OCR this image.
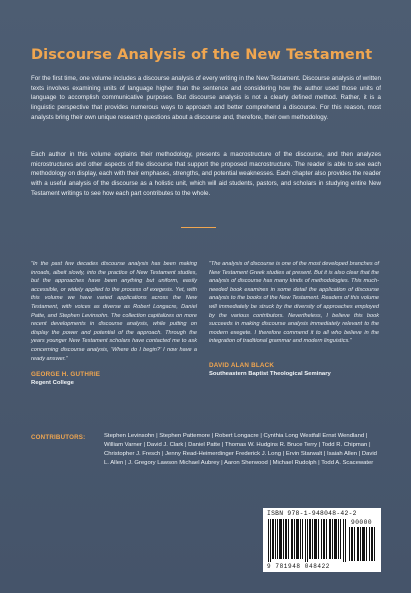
Discourse Analysis of the New Testament
For the first time, one volume includes a discourse analysis of every writing in the New Testament. Discourse analysis of written texts involves examining units of language higher than the sentence and considering how the author used those units of language to accomplish communicative purposes. But discourse analysis is not a clearly defined method. Rather, it is a linguistic perspective that provides numerous ways to approach and better comprehend a discourse. For this reason, most analysts bring their own unique research questions about a discourse and, therefore, their own methodology.
Each author in this volume explains their methodology, presents a macrostructure of the discourse, and then analyzes microstructures and other aspects of the discourse that support the proposed macrostructure. The reader is able to see each methodology on display, each with their emphases, strengths, and potential weaknesses. Each chapter also provides the reader with a useful analysis of the discourse as a holistic unit, which will aid students, pastors, and scholars in studying entire New Testament writings to see how each part contributes to the whole.
“In the past few decades discourse analysis has been making inroads, albeit slowly, into the practice of New Testament studies, but the approaches have been anything but uniform, easily accessible, or widely applied to the process of exegesis. Yet, with this volume we have varied applications across the New Testament, with voices as diverse as Robert Longacre, Daniel Patte, and Stephen Levinsohn. The collection capitalizes on more recent developments in discourse analysis, while putting on display the power and potential of the approach. Through the years younger New Testament scholars have contacted me to ask concerning discourse analysis, ‘Where do I begin?’ I now have a ready answer.”
GEORGE H. GUTHRIE
Regent College
“The analysis of discourse is one of the most developed branches of New Testament Greek studies at present. But it is also clear that the analysis of discourse has many kinds of methodologies. This much-needed book examines in some detail the application of discourse analysis to the books of the New Testament. Readers of this volume will immediately be struck by the diversity of approaches employed by the various contributors. Nevertheless, I believe this book succeeds in making discourse analysis immediately relevant to the modern exegete. I therefore commend it to all who believe in the integration of traditional grammar and modern linguistics.”
DAVID ALAN BLACK
Southeastern Baptist Theological Seminary
CONTRIBUTORS:	Stephen Levinsohn | Stephen Pattemore | Robert Longacre | Cynthia Long Westfall Ernst Wendland | William Varner | David J. Clark | Daniel Patte | Thomas W. Hudgins R. Bruce Terry | Todd R. Chipman | Christopher J. Fresch | Jenny Read-Heimerdinger Frederick J. Long | Ervin Starwalt | Isaiah Allen | David L. Allen | J. Gregory Lawson Michael Aubrey | Aaron Sherwood | Michael Rudolph | Todd A. Scacewater
ISBN 978-1-948048-42-2
90000
9 781948 048422
